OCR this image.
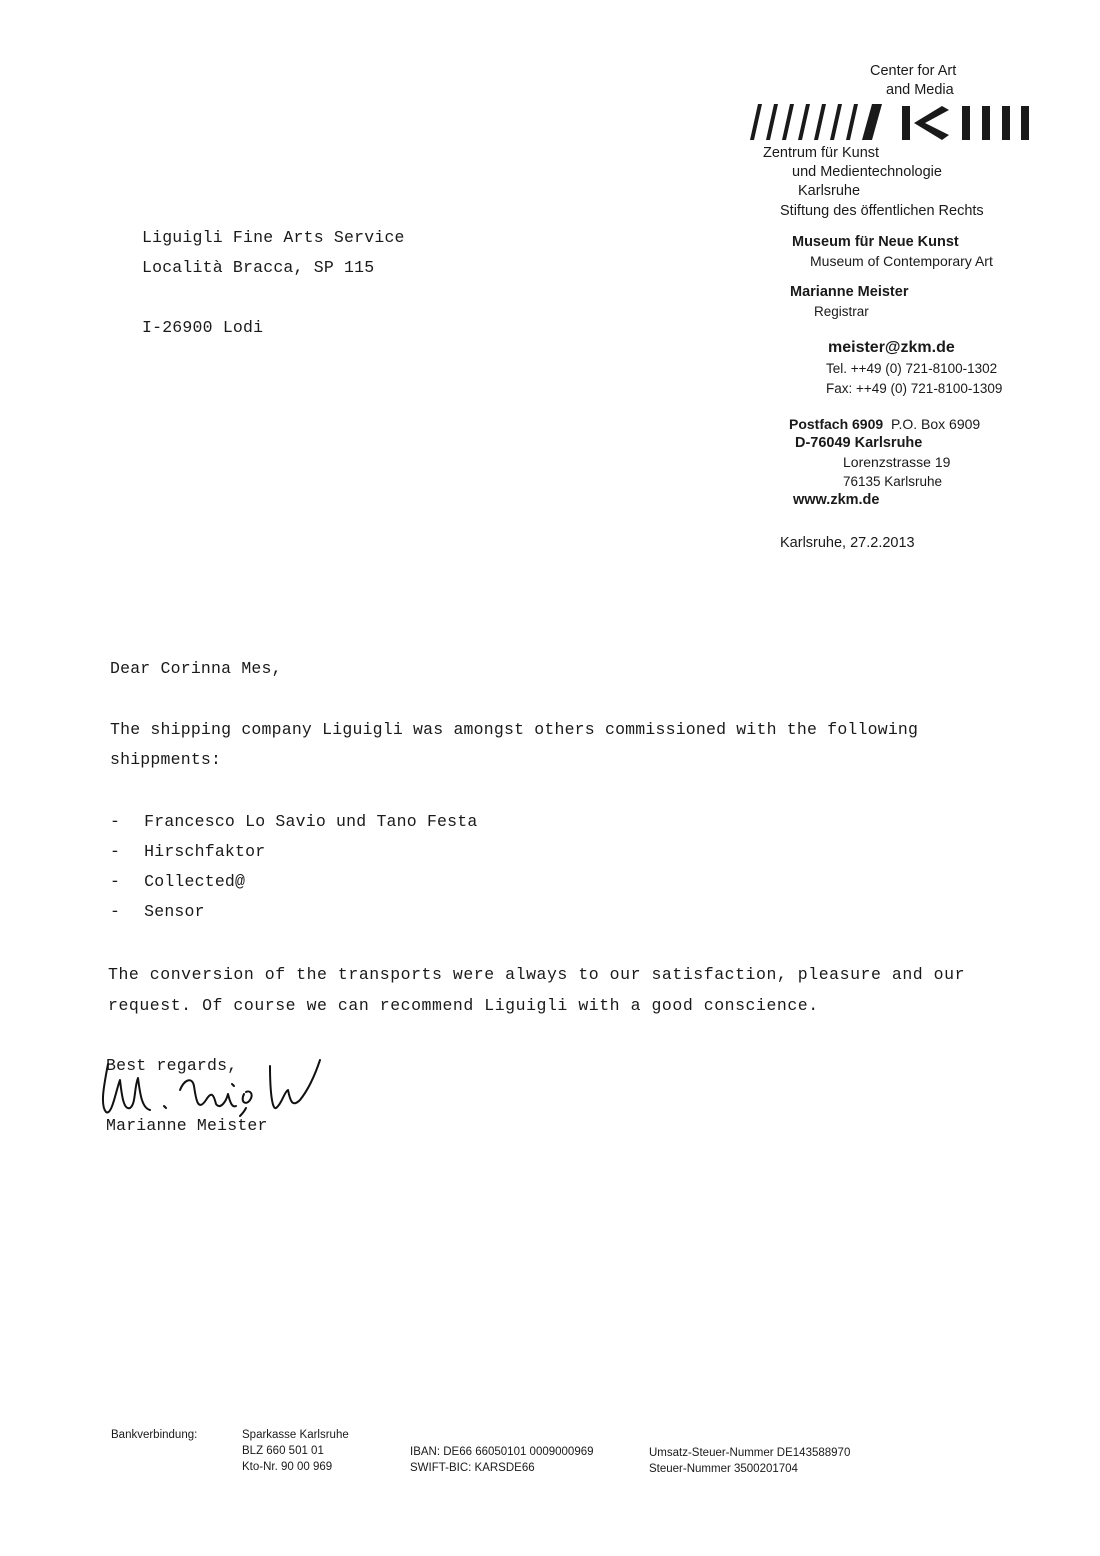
Center for Art
and Media
Zentrum für Kunst
und Medientechnologie
Karlsruhe
Stiftung des öffentlichen Rechts
Museum für Neue Kunst
Museum of Contemporary Art
Marianne Meister
Registrar
meister@zkm.de
Tel. ++49 (0) 721-8100-1302
Fax: ++49 (0) 721-8100-1309
Postfach 6909 P.O. Box 6909
D-76049 Karlsruhe
Lorenzstrasse 19
76135 Karlsruhe
www.zkm.de
Karlsruhe, 27.2.2013
Liguigli Fine Arts Service
Località Bracca, SP 115
I-26900 Lodi
Dear Corinna Mes,
The shipping company Liguigli was amongst others commissioned with the following
shippments:
- Francesco Lo Savio und Tano Festa
- Hirschfaktor
- Collected@
- Sensor
The conversion of the transports were always to our satisfaction, pleasure and our
request. Of course we can recommend Liguigli with a good conscience.
Best regards,
Marianne Meister
Bankverbindung:	Sparkasse Karlsruhe
BLZ 660 501 01
Kto-Nr. 90 00 969
IBAN: DE66 66050101 0009000969
SWIFT-BIC: KARSDE66
Umsatz-Steuer-Nummer DE143588970
Steuer-Nummer 3500201704
